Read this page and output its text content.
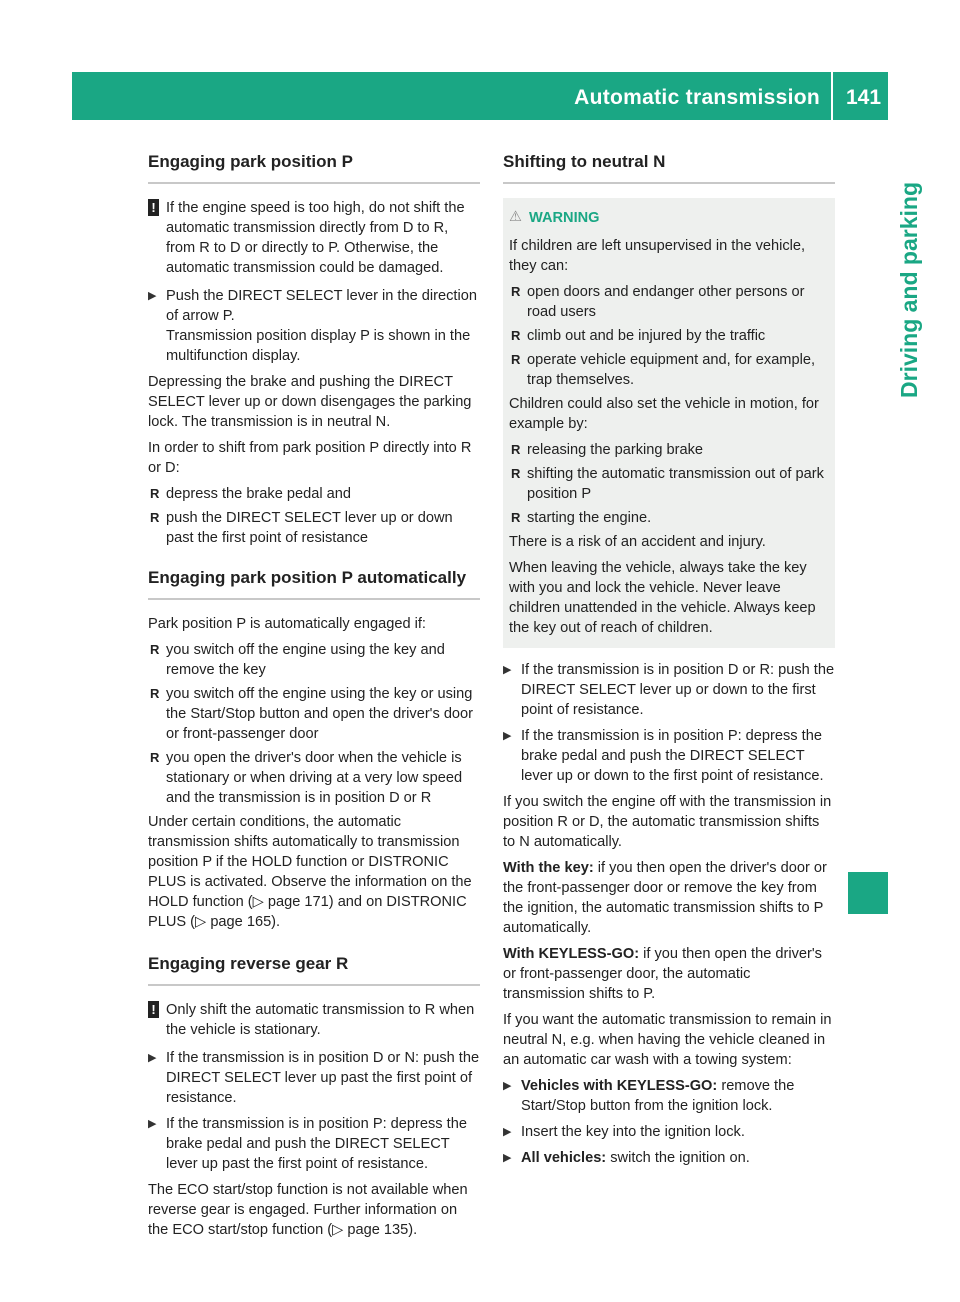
Automatic transmission 141
Driving and parking
Engaging park position P
! If the engine speed is too high, do not shift the automatic transmission directly from D to R, from R to D or directly to P. Otherwise, the automatic transmission could be damaged.
▶ Push the DIRECT SELECT lever in the direction of arrow P.
Transmission position display P is shown in the multifunction display.

Depressing the brake and pushing the DIRECT SELECT lever up or down disengages the parking lock. The transmission is in neutral N.

In order to shift from park position P directly into R or D:

R depress the brake pedal and
R push the DIRECT SELECT lever up or down past the first point of resistance
Engaging park position P automatically

Park position P is automatically engaged if:

R you switch off the engine using the key and remove the key
R you switch off the engine using the key or using the Start/Stop button and open the driver's door or front-passenger door
R you open the driver's door when the vehicle is stationary or when driving at a very low speed and the transmission is in position D or R

Under certain conditions, the automatic transmission shifts automatically to transmission position P if the HOLD function or DISTRONIC PLUS is activated. Observe the information on the HOLD function (▷ page 171) and on DISTRONIC PLUS (▷ page 165).

Engaging reverse gear R
! Only shift the automatic transmission to R when the vehicle is stationary.
▶ If the transmission is in position D or N: push the DIRECT SELECT lever up past the first point of resistance.
▶ If the transmission is in position P: depress the brake pedal and push the DIRECT SELECT lever up past the first point of resistance.

The ECO start/stop function is not available when reverse gear is engaged. Further information on the ECO start/stop function (▷ page 135).

Shifting to neutral N
⚠ WARNING

If children are left unsupervised in the vehicle, they can:

R open doors and endanger other persons or road users
R climb out and be injured by the traffic
R operate vehicle equipment and, for example, trap themselves.

Children could also set the vehicle in motion, for example by:

R releasing the parking brake
R shifting the automatic transmission out of park position P
R starting the engine.

There is a risk of an accident and injury.

When leaving the vehicle, always take the key with you and lock the vehicle. Never leave children unattended in the vehicle. Always keep the key out of reach of children.

▶ If the transmission is in position D or R: push the DIRECT SELECT lever up or down to the first point of resistance.
▶ If the transmission is in position P: depress the brake pedal and push the DIRECT SELECT lever up or down to the first point of resistance.

If you switch the engine off with the transmission in position R or D, the automatic transmission shifts to N automatically.

With the key: if you then open the driver's door or the front-passenger door or remove the key from the ignition, the automatic transmission shifts to P automatically.

With KEYLESS-GO: if you then open the driver's or front-passenger door, the automatic transmission shifts to P.

If you want the automatic transmission to remain in neutral N, e.g. when having the vehicle cleaned in an automatic car wash with a towing system:

▶ Vehicles with KEYLESS-GO: remove the Start/Stop button from the ignition lock.
▶ Insert the key into the ignition lock.
▶ All vehicles: switch the ignition on.
